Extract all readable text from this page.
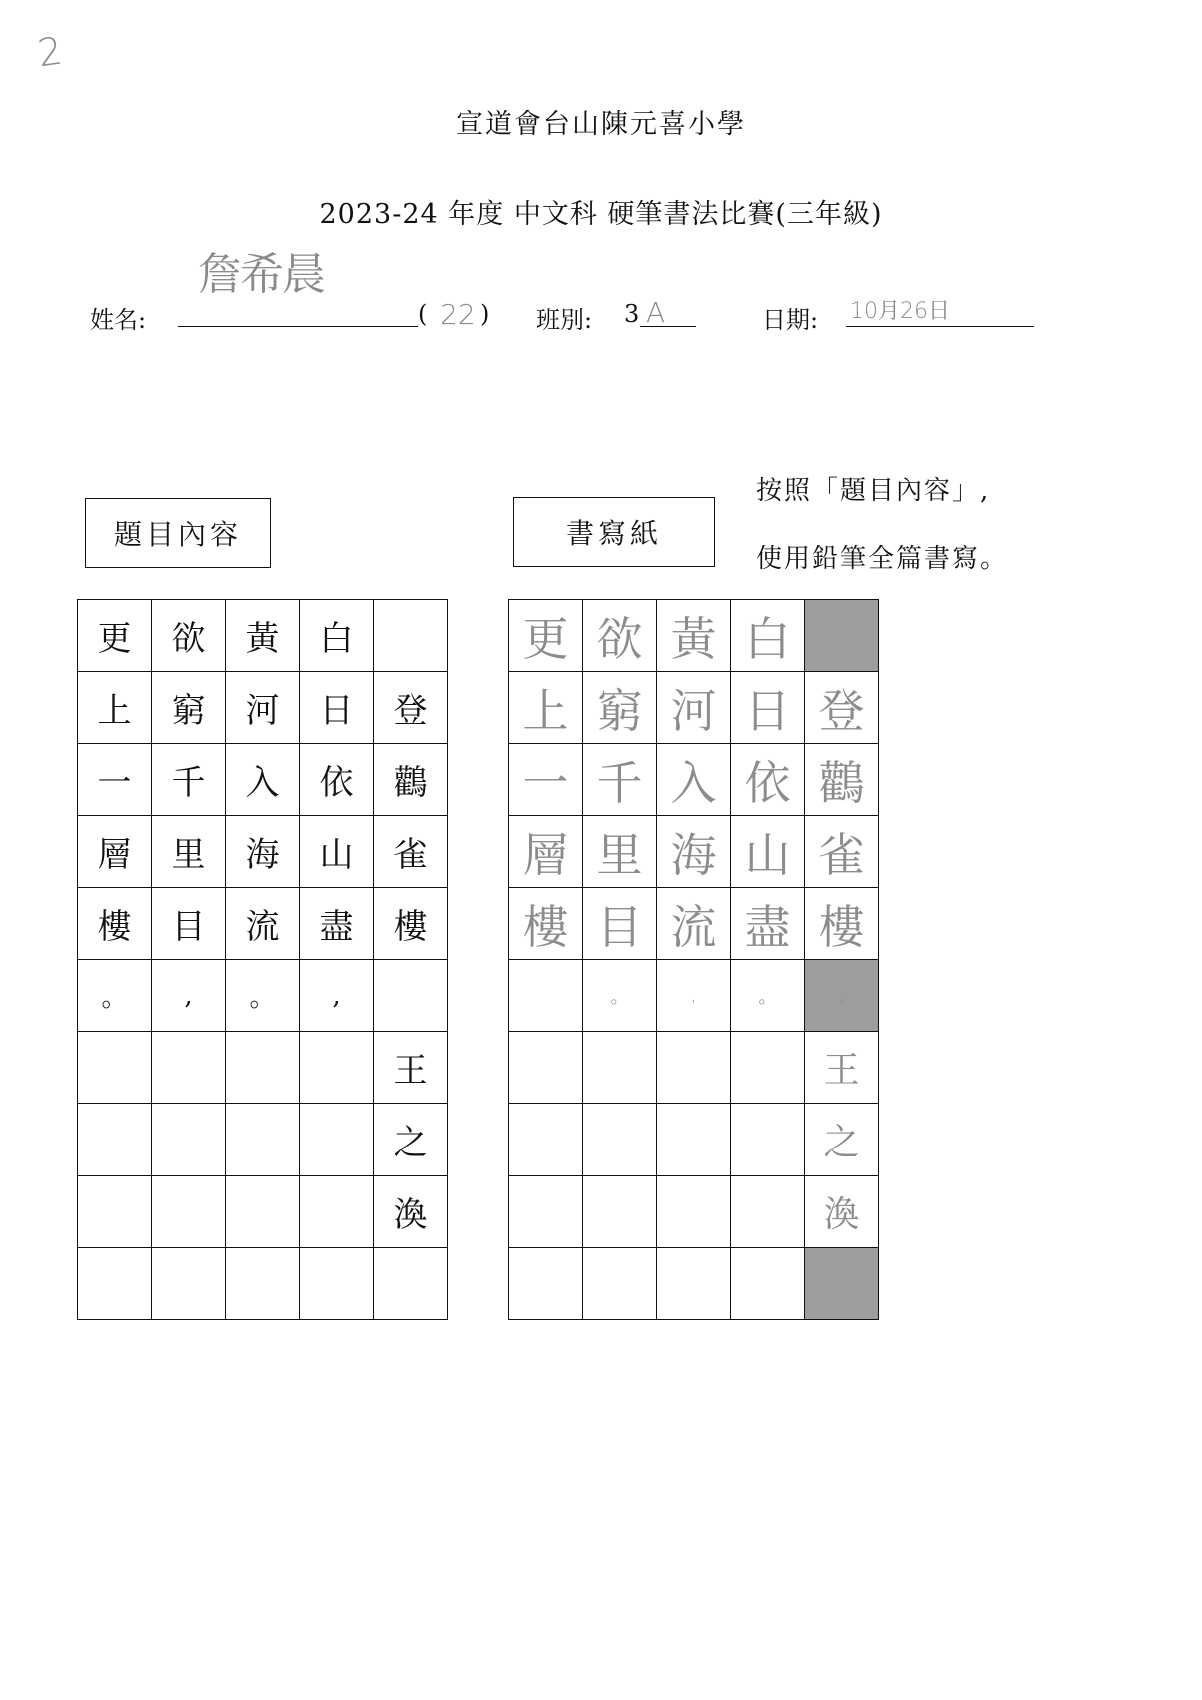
2
宣道會台山陳元喜小學
2023-24 年度 中文科 硬筆書法比賽(三年級)
姓名:
詹希晨
( 22 ) 班別: 3 A	日期: 10月26日
按照「題目內容」,
使用鉛筆全篇書寫。
題目內容	書寫紙
更	欲	黃	白	
上	窮	河	日	登
一	千	入	依	鸛
層	里	海	山	雀
樓	目	流	盡	樓
。	,	。	,	
				王
				之
				渙

更	欲	黃	白	
上	窮	河	日	登
一	千	入	依	鸛
層	里	海	山	雀
樓	目	流	盡	樓
	。	,	。	,
				王
				之
				渙
